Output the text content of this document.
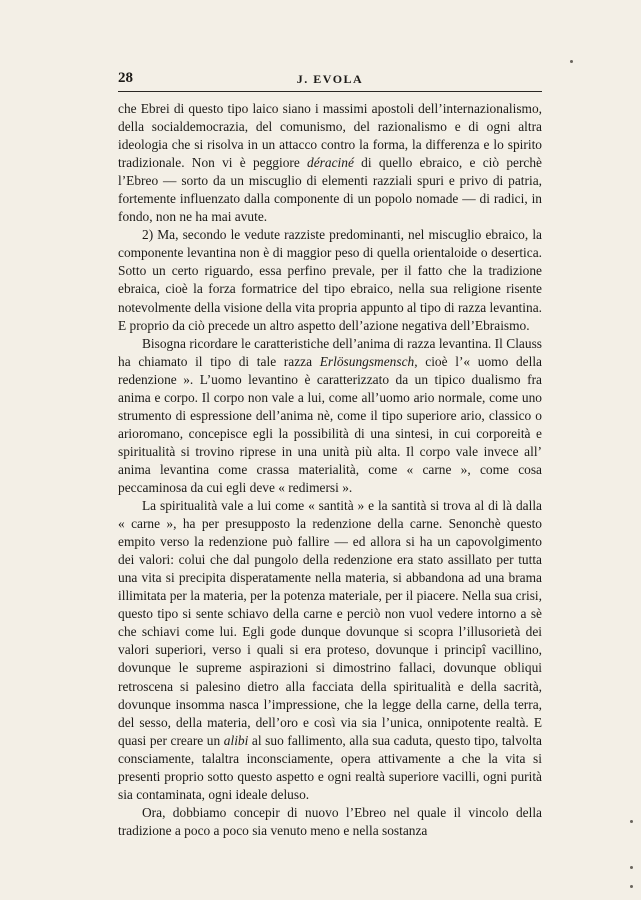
28	J. EVOLA

che Ebrei di questo tipo laico siano i massimi apostoli dell’internazionalismo, della socialdemocrazia, del comunismo, del razionalismo e di ogni altra ideologia che si risolva in un attacco contro la forma, la differenza e lo spirito tradizionale. Non vi è peggiore déraciné di quello ebraico, e ciò perchè l’Ebreo — sorto da un miscuglio di elementi razziali spuri e privo di patria, fortemente influenzato dalla componente di un popolo nomade — di radici, in fondo, non ne ha mai avute.

2) Ma, secondo le vedute razziste predominanti, nel miscuglio ebraico, la componente levantina non è di maggior peso di quella orientaloide o desertica. Sotto un certo riguardo, essa perfino prevale, per il fatto che la tradizione ebraica, cioè la forza formatrice del tipo ebraico, nella sua religione risente notevolmente della visione della vita propria appunto al tipo di razza levantina. E proprio da ciò precede un altro aspetto dell’azione negativa dell’Ebraismo.

Bisogna ricordare le caratteristiche dell’anima di razza levantina. Il Clauss ha chiamato il tipo di tale razza Erlösungsmensch, cioè l’« uomo della redenzione ». L’uomo levantino è caratterizzato da un tipico dualismo fra anima e corpo. Il corpo non vale a lui, come all’uomo ario normale, come uno strumento di espressione dell’anima nè, come il tipo superiore ario, classico o arioromano, concepisce egli la possibilità di una sintesi, in cui corporeità e spiritualità si trovino riprese in una unità più alta. Il corpo vale invece all’ anima levantina come crassa materialità, come « carne », come cosa peccaminosa da cui egli deve « redimersi ».

La spiritualità vale a lui come « santità » e la santità si trova al di là dalla « carne », ha per presupposto la redenzione della carne. Senonchè questo empito verso la redenzione può fallire — ed allora si ha un capovolgimento dei valori: colui che dal pungolo della redenzione era stato assillato per tutta una vita si precipita disperatamente nella materia, si abbandona ad una brama illimitata per la materia, per la potenza materiale, per il piacere. Nella sua crisi, questo tipo si sente schiavo della carne e perciò non vuol vedere intorno a sè che schiavi come lui. Egli gode dunque dovunque si scopra l’illusorietà dei valori superiori, verso i quali si era proteso, dovunque i principî vacillino, dovunque le supreme aspirazioni si dimostrino fallaci, dovunque obliqui retroscena si palesino dietro alla facciata della spiritualità e della sacrità, dovunque insomma nasca l’impressione, che la legge della carne, della terra, del sesso, della materia, dell’oro e così via sia l’unica, onnipotente realtà. E quasi per creare un alibi al suo fallimento, alla sua caduta, questo tipo, talvolta consciamente, talaltra inconsciamente, opera attivamente a che la vita si presenti proprio sotto questo aspetto e ogni realtà superiore vacilli, ogni purità sia contaminata, ogni ideale deluso.

Ora, dobbiamo concepir di nuovo l’Ebreo nel quale il vincolo della tradizione a poco a poco sia venuto meno e nella sostanza
